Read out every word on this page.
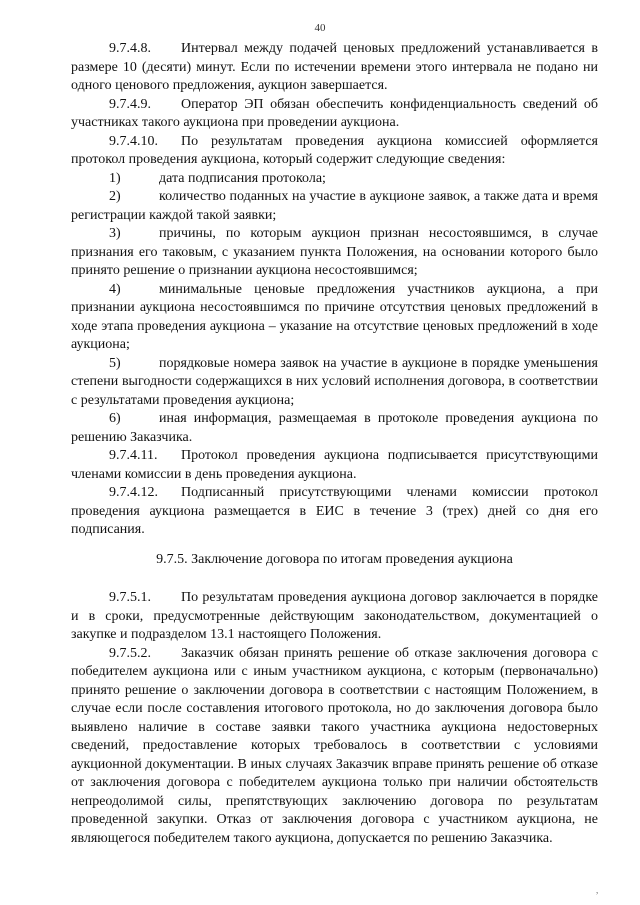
40

9.7.4.8. Интервал между подачей ценовых предложений устанавливается в размере 10 (десяти) минут. Если по истечении времени этого интервала не подано ни одного ценового предложения, аукцион завершается.

9.7.4.9. Оператор ЭП обязан обеспечить конфиденциальность сведений об участниках такого аукциона при проведении аукциона.

9.7.4.10. По результатам проведения аукциона комиссией оформляется протокол проведения аукциона, который содержит следующие сведения:

1)	дата подписания протокола;

2)	количество поданных на участие в аукционе заявок, а также дата и время регистрации каждой такой заявки;

3)	причины, по которым аукцион признан несостоявшимся, в случае признания его таковым, с указанием пункта Положения, на основании которого было принято решение о признании аукциона несостоявшимся;

4)	минимальные ценовые предложения участников аукциона, а при признании аукциона несостоявшимся по причине отсутствия ценовых предложений в ходе этапа проведения аукциона – указание на отсутствие ценовых предложений в ходе аукциона;

5)	порядковые номера заявок на участие в аукционе в порядке уменьшения степени выгодности содержащихся в них условий исполнения договора, в соответствии с результатами проведения аукциона;

6)	иная информация, размещаемая в протоколе проведения аукциона по решению Заказчика.

9.7.4.11. Протокол проведения аукциона подписывается присутствующими членами комиссии в день проведения аукциона.

9.7.4.12. Подписанный присутствующими членами комиссии протокол проведения аукциона размещается в ЕИС в течение 3 (трех) дней со дня его подписания.

9.7.5. Заключение договора по итогам проведения аукциона

9.7.5.1. По результатам проведения аукциона договор заключается в порядке и в сроки, предусмотренные действующим законодательством, документацией о закупке и подразделом 13.1 настоящего Положения.

9.7.5.2. Заказчик обязан принять решение об отказе заключения договора с победителем аукциона или с иным участником аукциона, с которым (первоначально) принято решение о заключении договора в соответствии с настоящим Положением, в случае если после составления итогового протокола, но до заключения договора было выявлено наличие в составе заявки такого участника аукциона недостоверных сведений, предоставление которых требовалось в соответствии с условиями аукционной документации. В иных случаях Заказчик вправе принять решение об отказе от заключения договора с победителем аукциона только при наличии обстоятельств непреодолимой силы, препятствующих заключению договора по результатам проведенной закупки. Отказ от заключения договора с участником аукциона, не являющегося победителем такого аукциона, допускается по решению Заказчика.

,
